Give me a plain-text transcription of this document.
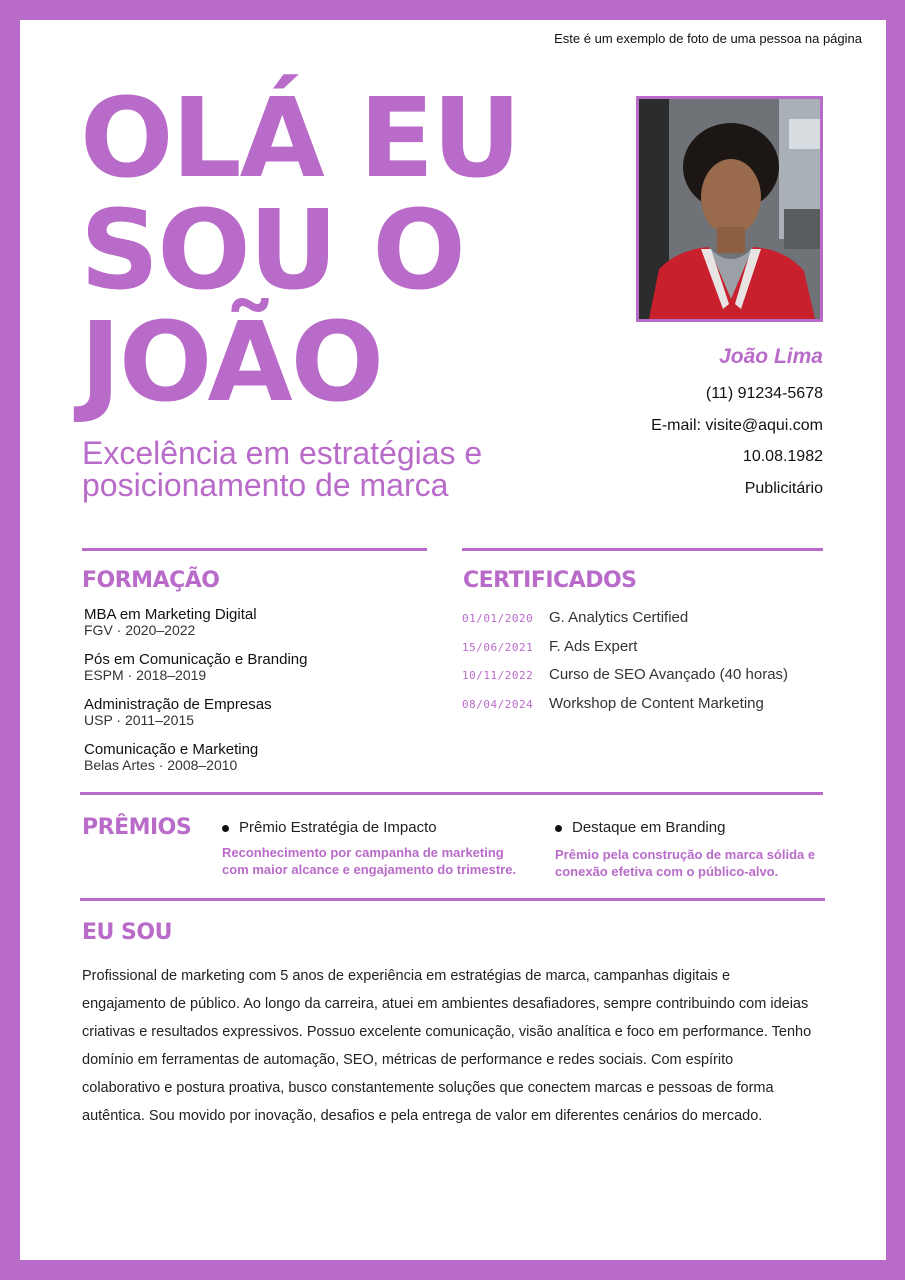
Este é um exemplo de foto de uma pessoa na página
OLÁ EU
SOU O
JOÃO
Excelência em estratégias e
posicionamento de marca
João Lima
(11) 91234-5678
E-mail: visite@aqui.com
10.08.1982
Publicitário
FORMAÇÃO
MBA em Marketing Digital
FGV · 2020–2022
Pós em Comunicação e Branding
ESPM · 2018–2019
Administração de Empresas
USP · 2011–2015
Comunicação e Marketing
Belas Artes · 2008–2010
CERTIFICADOS
01/01/2020	G. Analytics Certified
15/06/2021	F. Ads Expert
10/11/2022	Curso de SEO Avançado (40 horas)
08/04/2024	Workshop de Content Marketing
PRÊMIOS	Prêmio Estratégia de Impacto
Reconhecimento por campanha de marketing
com maior alcance e engajamento do trimestre.
Destaque em Branding
Prêmio pela construção de marca sólida e
conexão efetiva com o público-alvo.
EU SOU
Profissional de marketing com 5 anos de experiência em estratégias de marca, campanhas digitais e engajamento de público. Ao longo da carreira, atuei em ambientes desafiadores, sempre contribuindo com ideias criativas e resultados expressivos. Possuo excelente comunicação, visão analítica e foco em performance. Tenho domínio em ferramentas de automação, SEO, métricas de performance e redes sociais. Com espírito colaborativo e postura proativa, busco constantemente soluções que conectem marcas e pessoas de forma autêntica. Sou movido por inovação, desafios e pela entrega de valor em diferentes cenários do mercado.
